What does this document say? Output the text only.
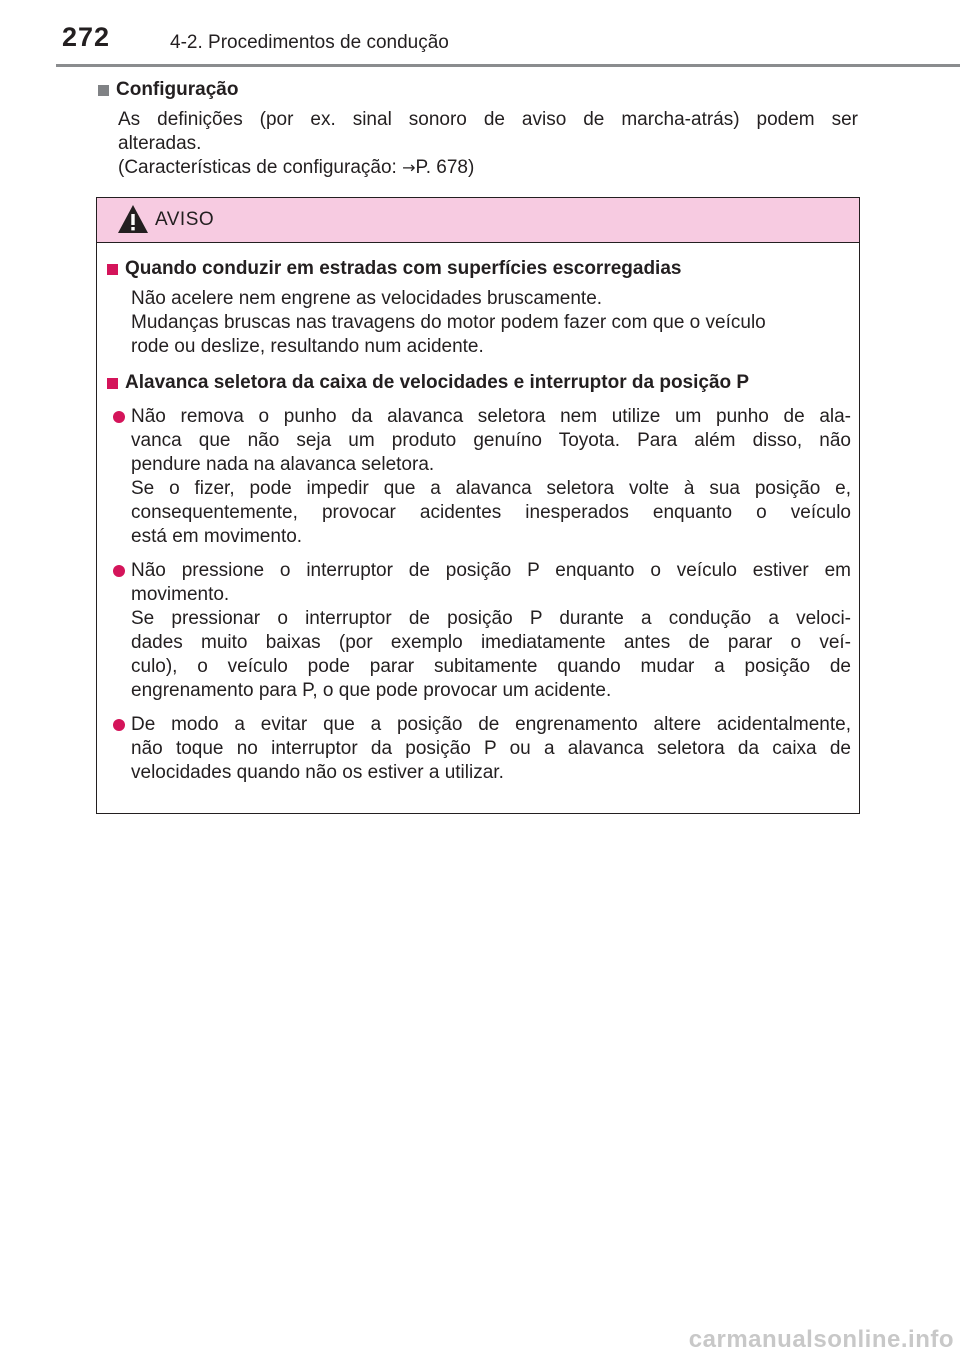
272	4-2. Procedimentos de condução
Configuração
As definições (por ex. sinal sonoro de aviso de marcha-atrás) podem ser
alteradas.
(Características de configuração: →P. 678)
AVISO
Quando conduzir em estradas com superfícies escorregadias
Não acelere nem engrene as velocidades bruscamente.
Mudanças bruscas nas travagens do motor podem fazer com que o veículo
rode ou deslize, resultando num acidente.
Alavanca seletora da caixa de velocidades e interruptor da posição P
Não remova o punho da alavanca seletora nem utilize um punho de ala-
vanca que não seja um produto genuíno Toyota. Para além disso, não
pendure nada na alavanca seletora.
Se o fizer, pode impedir que a alavanca seletora volte à sua posição e,
consequentemente, provocar acidentes inesperados enquanto o veículo
está em movimento.
Não pressione o interruptor de posição P enquanto o veículo estiver em
movimento.
Se pressionar o interruptor de posição P durante a condução a veloci-
dades muito baixas (por exemplo imediatamente antes de parar o veí-
culo), o veículo pode parar subitamente quando mudar a posição de
engrenamento para P, o que pode provocar um acidente.
De modo a evitar que a posição de engrenamento altere acidentalmente,
não toque no interruptor da posição P ou a alavanca seletora da caixa de
velocidades quando não os estiver a utilizar.
carmanualsonline.info
